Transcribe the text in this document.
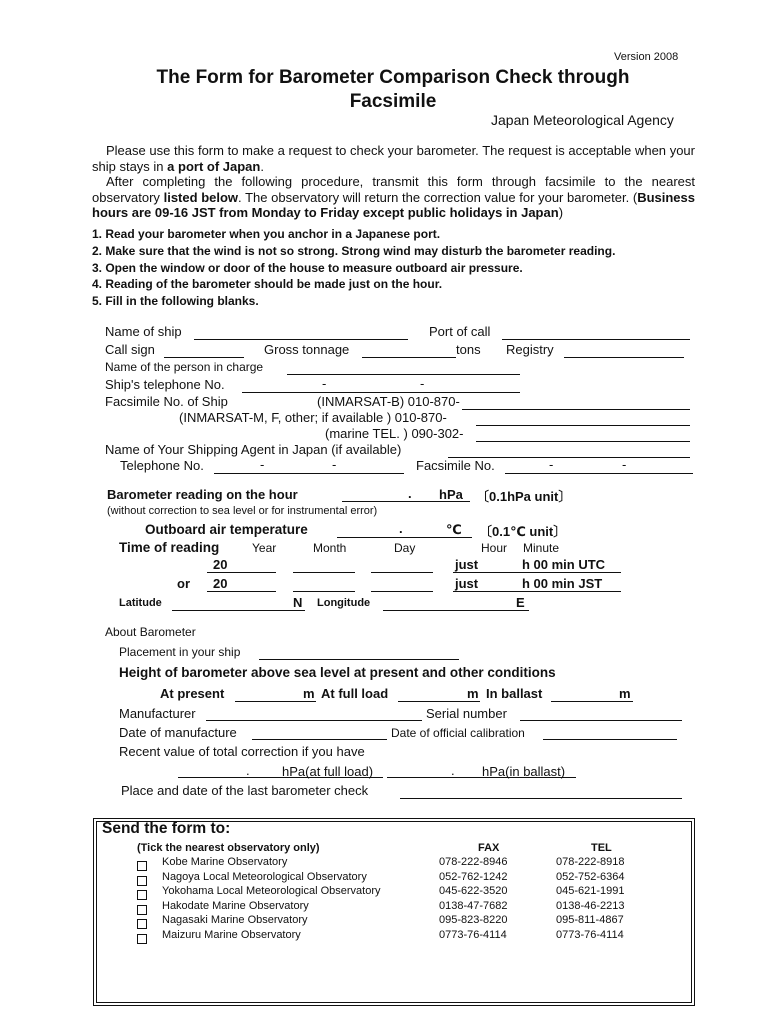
Version 2008
The Form for Barometer Comparison Check through
Facsimile
Japan Meteorological Agency
Please use this form to make a request to check your barometer. The request is acceptable when your ship stays in a port of Japan.
After completing the following procedure, transmit this form through facsimile to the nearest observatory listed below. The observatory will return the correction value for your barometer. (Business hours are 09-16 JST from Monday to Friday except public holidays in Japan)
1. Read your barometer when you anchor in a Japanese port.
2. Make sure that the wind is not so strong. Strong wind may disturb the barometer reading.
3. Open the window or door of the house to measure outboard air pressure.
4. Reading of the barometer should be made just on the hour.
5. Fill in the following blanks.
Name of ship	Port of call
Call sign	Gross tonnage	tons Registry
Name of the person in charge
Ship's telephone No.	-	-
Facsimile No. of Ship	(INMARSAT-B) 010-870-
(INMARSAT-M, F, other; if available ) 010-870-
(marine TEL. ) 090-302-
Name of Your Shipping Agent in Japan (if available)
Telephone No.	-	-	Facsimile No.	-	-
Barometer reading on the hour	. hPa 〔0.1hPa unit〕
(without correction to sea level or for instrumental error)
Outboard air temperature	.	℃ 〔0.1℃ unit〕
Time of reading	Year	Month	Day	Hour Minute
20	just	h 00 min UTC
or 20	just	h 00 min JST
Latitude	N Longitude	E
About Barometer
Placement in your ship
Height of barometer above sea level at present and other conditions
At present	m At full load	m In ballast	m
Manufacturer	Serial number
Date of manufacture	Date of official calibration
Recent value of total correction if you have
. hPa(at full load)	. hPa(in ballast)
Place and date of the last barometer check
Send the form to:
(Tick the nearest observatory only)	FAX	TEL
Kobe Marine Observatory	078-222-8946	078-222-8918
Nagoya Local Meteorological Observatory	052-762-1242	052-752-6364
Yokohama Local Meteorological Observatory	045-622-3520	045-621-1991
Hakodate Marine Observatory	0138-47-7682	0138-46-2213
Nagasaki Marine Observatory	095-823-8220	095-811-4867
Maizuru Marine Observatory	0773-76-4114	0773-76-4114
